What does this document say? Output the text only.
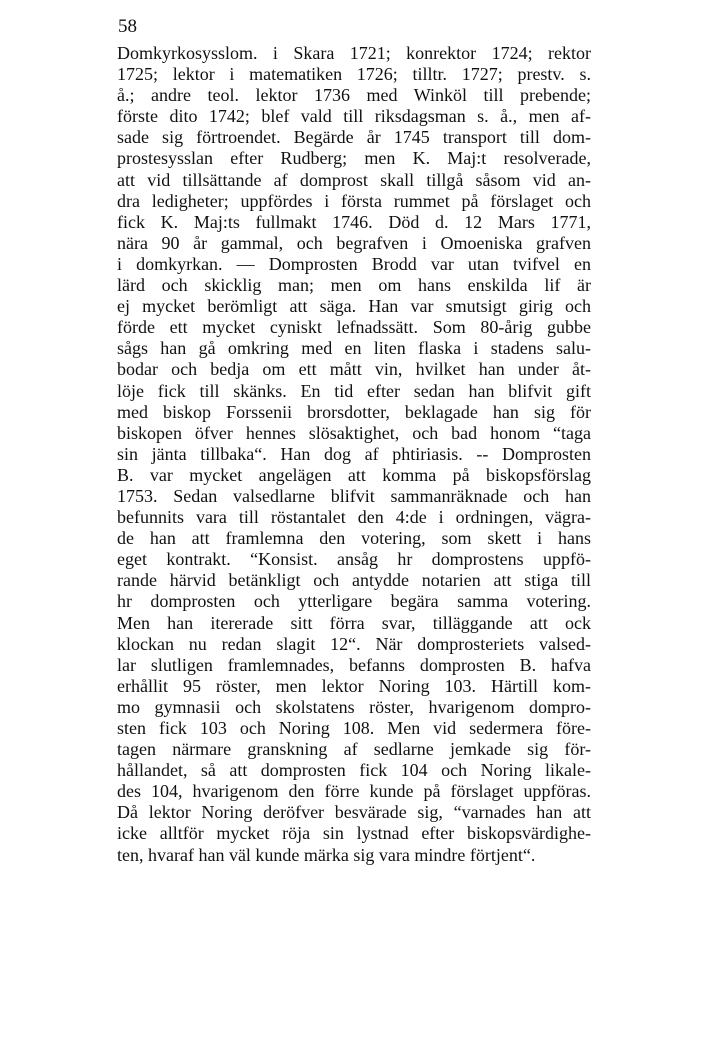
58
Domkyrkosysslom. i Skara 1721; konrektor 1724; rektor
1725; lektor i matematiken 1726; tilltr. 1727; prestv. s.
å.; andre teol. lektor 1736 med Winköl till prebende;
förste dito 1742; blef vald till riksdagsman s. å., men af-
sade sig förtroendet. Begärde år 1745 transport till dom-
prostesysslan efter Rudberg; men K. Maj:t resolverade,
att vid tillsättande af domprost skall tillgå såsom vid an-
dra ledigheter; uppfördes i första rummet på förslaget och
fick K. Maj:ts fullmakt 1746. Död d. 12 Mars 1771,
nära 90 år gammal, och begrafven i Omoeniska grafven
i domkyrkan. — Domprosten Brodd var utan tvifvel en
lärd och skicklig man; men om hans enskilda lif är
ej mycket berömligt att säga. Han var smutsigt girig och
förde ett mycket cyniskt lefnadssätt. Som 80-årig gubbe
sågs han gå omkring med en liten flaska i stadens salu-
bodar och bedja om ett mått vin, hvilket han under åt-
löje fick till skänks. En tid efter sedan han blifvit gift
med biskop Forssenii brorsdotter, beklagade han sig för
biskopen öfver hennes slösaktighet, och bad honom “taga
sin jänta tillbaka“. Han dog af phtiriasis. -- Domprosten
B. var mycket angelägen att komma på biskopsförslag
1753. Sedan valsedlarne blifvit sammanräknade och han
befunnits vara till röstantalet den 4:de i ordningen, vägra-
de han att framlemna den votering, som skett i hans
eget kontrakt. “Konsist. ansåg hr domprostens uppfö-
rande härvid betänkligt och antydde notarien att stiga till
hr domprosten och ytterligare begära samma votering.
Men han itererade sitt förra svar, tilläggande att ock
klockan nu redan slagit 12“. När domprosteriets valsed-
lar slutligen framlemnades, befanns domprosten B. hafva
erhållit 95 röster, men lektor Noring 103. Härtill kom-
mo gymnasii och skolstatens röster, hvarigenom dompro-
sten fick 103 och Noring 108. Men vid sedermera före-
tagen närmare granskning af sedlarne jemkade sig för-
hållandet, så att domprosten fick 104 och Noring likale-
des 104, hvarigenom den förre kunde på förslaget uppföras.
Då lektor Noring deröfver besvärade sig, “varnades han att
icke alltför mycket röja sin lystnad efter biskopsvärdighe-
ten, hvaraf han väl kunde märka sig vara mindre förtjent“.
